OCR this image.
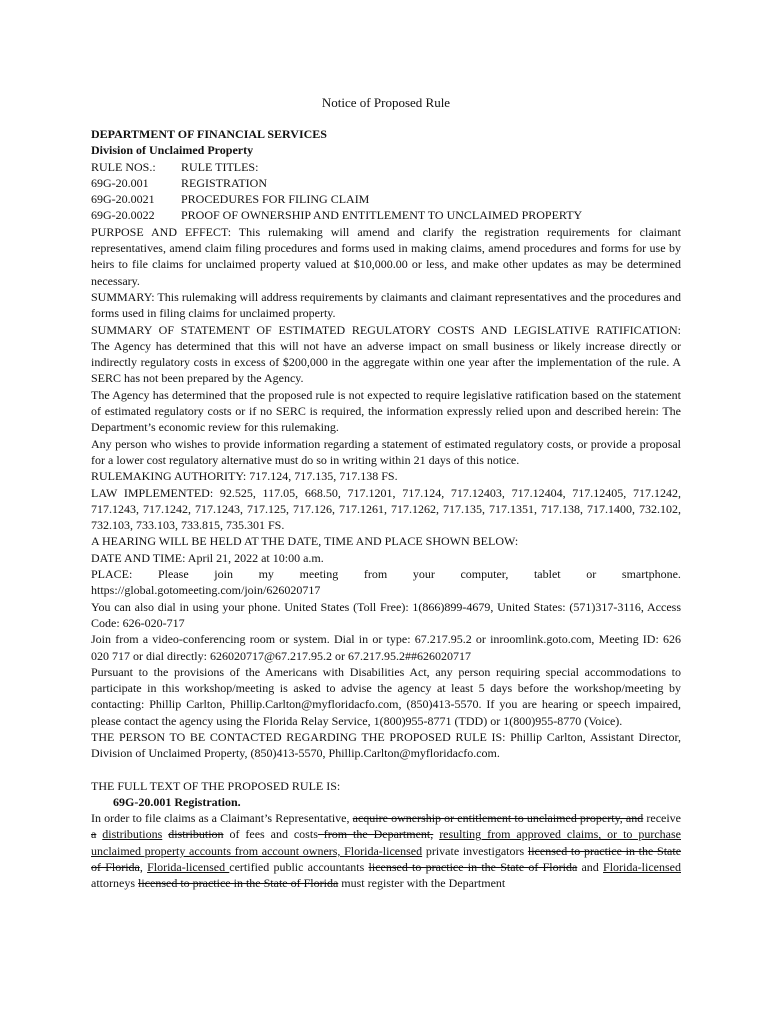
Notice of Proposed Rule

DEPARTMENT OF FINANCIAL SERVICES

Division of Unclaimed Property

RULE NOS.:	RULE TITLES:
69G-20.001	REGISTRATION
69G-20.0021	PROCEDURES FOR FILING CLAIM
69G-20.0022	PROOF OF OWNERSHIP AND ENTITLEMENT TO UNCLAIMED PROPERTY

PURPOSE AND EFFECT: This rulemaking will amend and clarify the registration requirements for claimant representatives, amend claim filing procedures and forms used in making claims, amend procedures and forms for use by heirs to file claims for unclaimed property valued at $10,000.00 or less, and make other updates as may be determined necessary.

SUMMARY: This rulemaking will address requirements by claimants and claimant representatives and the procedures and forms used in filing claims for unclaimed property.

SUMMARY OF STATEMENT OF ESTIMATED REGULATORY COSTS AND LEGISLATIVE RATIFICATION:

The Agency has determined that this will not have an adverse impact on small business or likely increase directly or indirectly regulatory costs in excess of $200,000 in the aggregate within one year after the implementation of the rule. A SERC has not been prepared by the Agency.

The Agency has determined that the proposed rule is not expected to require legislative ratification based on the statement of estimated regulatory costs or if no SERC is required, the information expressly relied upon and described herein: The Department’s economic review for this rulemaking.

Any person who wishes to provide information regarding a statement of estimated regulatory costs, or provide a proposal for a lower cost regulatory alternative must do so in writing within 21 days of this notice.

RULEMAKING AUTHORITY: 717.124, 717.135, 717.138 FS.

LAW IMPLEMENTED: 92.525, 117.05, 668.50, 717.1201, 717.124, 717.12403, 717.12404, 717.12405, 717.1242, 717.1243, 717.1242, 717.1243, 717.125, 717.126, 717.1261, 717.1262, 717.135, 717.1351, 717.138, 717.1400, 732.102, 732.103, 733.103, 733.815, 735.301 FS.

A HEARING WILL BE HELD AT THE DATE, TIME AND PLACE SHOWN BELOW:

DATE AND TIME: April 21, 2022 at 10:00 a.m.

PLACE: Please join my meeting from your computer, tablet or smartphone.

https://global.gotomeeting.com/join/626020717

You can also dial in using your phone. United States (Toll Free): 1(866)899-4679, United States: (571)317-3116, Access Code: 626-020-717

Join from a video-conferencing room or system. Dial in or type: 67.217.95.2 or inroomlink.goto.com, Meeting ID: 626 020 717 or dial directly: 626020717@67.217.95.2 or 67.217.95.2##626020717

Pursuant to the provisions of the Americans with Disabilities Act, any person requiring special accommodations to participate in this workshop/meeting is asked to advise the agency at least 5 days before the workshop/meeting by contacting: Phillip Carlton, Phillip.Carlton@myfloridacfo.com, (850)413-5570. If you are hearing or speech impaired, please contact the agency using the Florida Relay Service, 1(800)955-8771 (TDD) or 1(800)955-8770 (Voice).

THE PERSON TO BE CONTACTED REGARDING THE PROPOSED RULE IS: Phillip Carlton, Assistant Director, Division of Unclaimed Property, (850)413-5570, Phillip.Carlton@myfloridacfo.com.

THE FULL TEXT OF THE PROPOSED RULE IS:

69G-20.001 Registration.

In order to file claims as a Claimant’s Representative, acquire ownership or entitlement to unclaimed property, and receive a distributions distribution of fees and costs from the Department, resulting from approved claims, or to purchase unclaimed property accounts from account owners, Florida-licensed private investigators licensed to practice in the State of Florida, Florida-licensed certified public accountants licensed to practice in the State of Florida and Florida-licensed attorneys licensed to practice in the State of Florida must register with the Department
